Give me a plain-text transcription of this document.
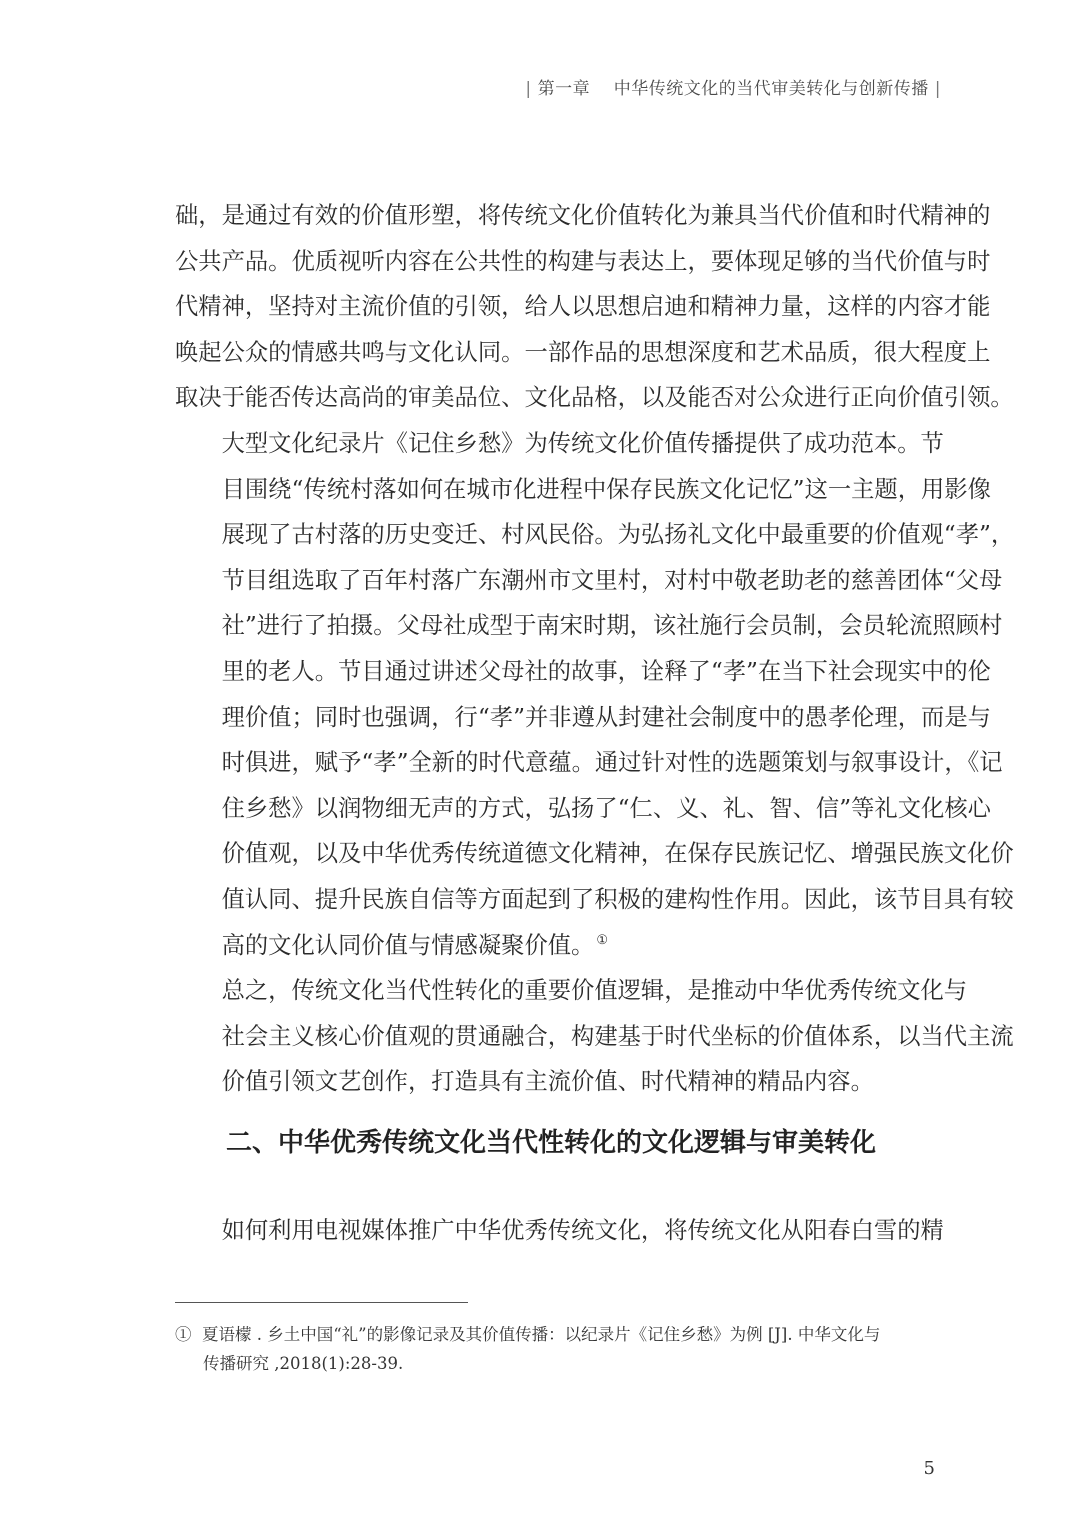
| 第一章 中华传统文化的当代审美转化与创新传播 |

础，是通过有效的价值形塑，将传统文化价值转化为兼具当代价值和时代精神的
公共产品。优质视听内容在公共性的构建与表达上，要体现足够的当代价值与时
代精神，坚持对主流价值的引领，给人以思想启迪和精神力量，这样的内容才能
唤起公众的情感共鸣与文化认同。一部作品的思想深度和艺术品质，很大程度上
取决于能否传达高尚的审美品位、文化品格，以及能否对公众进行正向价值引领。

大型文化纪录片《记住乡愁》为传统文化价值传播提供了成功范本。节
目围绕“传统村落如何在城市化进程中保存民族文化记忆”这一主题，用影像
展现了古村落的历史变迁、村风民俗。为弘扬礼文化中最重要的价值观“孝”，
节目组选取了百年村落广东潮州市文里村，对村中敬老助老的慈善团体“父母
社”进行了拍摄。父母社成型于南宋时期，该社施行会员制，会员轮流照顾村
里的老人。节目通过讲述父母社的故事，诠释了“孝”在当下社会现实中的伦
理价值；同时也强调，行“孝”并非遵从封建社会制度中的愚孝伦理，而是与
时俱进，赋予“孝”全新的时代意蕴。通过针对性的选题策划与叙事设计，《记
住乡愁》以润物细无声的方式，弘扬了“仁、义、礼、智、信”等礼文化核心
价值观，以及中华优秀传统道德文化精神，在保存民族记忆、增强民族文化价
值认同、提升民族自信等方面起到了积极的建构性作用。因此，该节目具有较
高的文化认同价值与情感凝聚价值。 ①

总之，传统文化当代性转化的重要价值逻辑，是推动中华优秀传统文化与
社会主义核心价值观的贯通融合，构建基于时代坐标的价值体系，以当代主流
价值引领文艺创作，打造具有主流价值、时代精神的精品内容。

二、中华优秀传统文化当代性转化的文化逻辑与审美转化

如何利用电视媒体推广中华优秀传统文化，将传统文化从阳春白雪的精

① 夏语檬 . 乡土中国“礼”的影像记录及其价值传播：以纪录片《记住乡愁》为例 [J]. 中华文化与
传播研究 ,2018(1):28-39.
5
